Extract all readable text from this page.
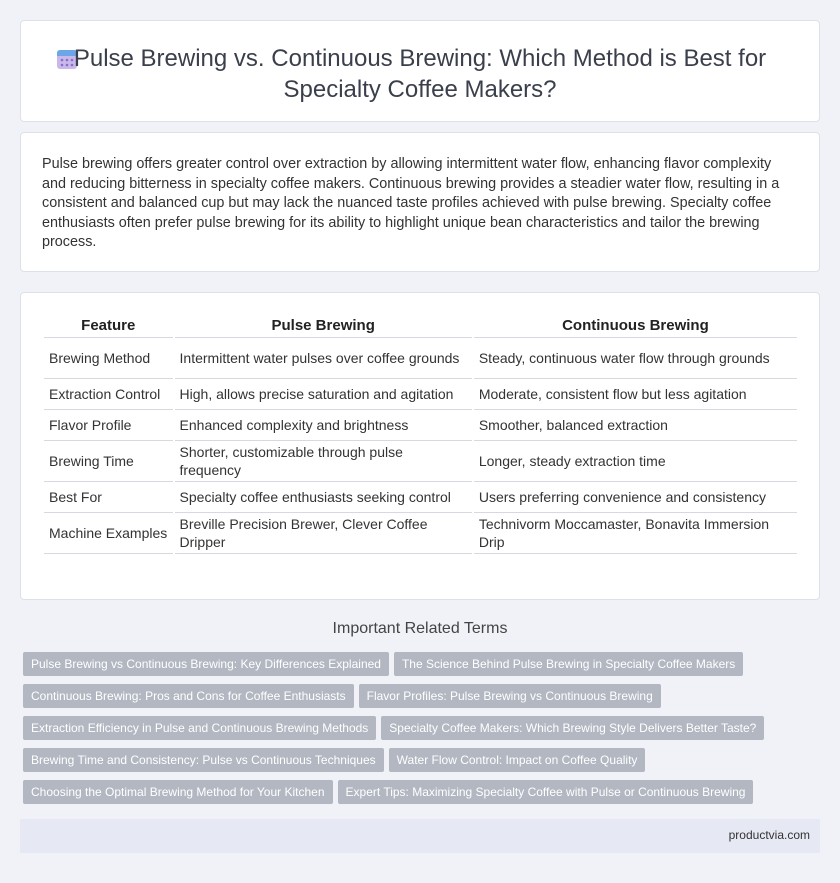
Pulse Brewing vs. Continuous Brewing: Which Method is Best for
Specialty Coffee Makers?

Pulse brewing offers greater control over extraction by allowing intermittent water flow, enhancing flavor complexity and reducing bitterness in specialty coffee makers. Continuous brewing provides a steadier water flow, resulting in a consistent and balanced cup but may lack the nuanced taste profiles achieved with pulse brewing. Specialty coffee enthusiasts often prefer pulse brewing for its ability to highlight unique bean characteristics and tailor the brewing process.

Feature	Pulse Brewing	Continuous Brewing
Brewing Method	Intermittent water pulses over coffee grounds	Steady, continuous water flow through grounds
Extraction Control	High, allows precise saturation and agitation	Moderate, consistent flow but less agitation
Flavor Profile	Enhanced complexity and brightness	Smoother, balanced extraction
Brewing Time	Shorter, customizable through pulse frequency	Longer, steady extraction time
Best For	Specialty coffee enthusiasts seeking control	Users preferring convenience and consistency
Machine Examples	Breville Precision Brewer, Clever Coffee Dripper	Technivorm Moccamaster, Bonavita Immersion Drip
Important Related Terms
Pulse Brewing vs Continuous Brewing: Key Differences Explained The Science Behind Pulse Brewing in Specialty Coffee Makers
Continuous Brewing: Pros and Cons for Coffee Enthusiasts Flavor Profiles: Pulse Brewing vs Continuous Brewing
Extraction Efficiency in Pulse and Continuous Brewing Methods Specialty Coffee Makers: Which Brewing Style Delivers Better Taste?
Brewing Time and Consistency: Pulse vs Continuous Techniques Water Flow Control: Impact on Coffee Quality
Choosing the Optimal Brewing Method for Your Kitchen Expert Tips: Maximizing Specialty Coffee with Pulse or Continuous Brewing
productvia.com
